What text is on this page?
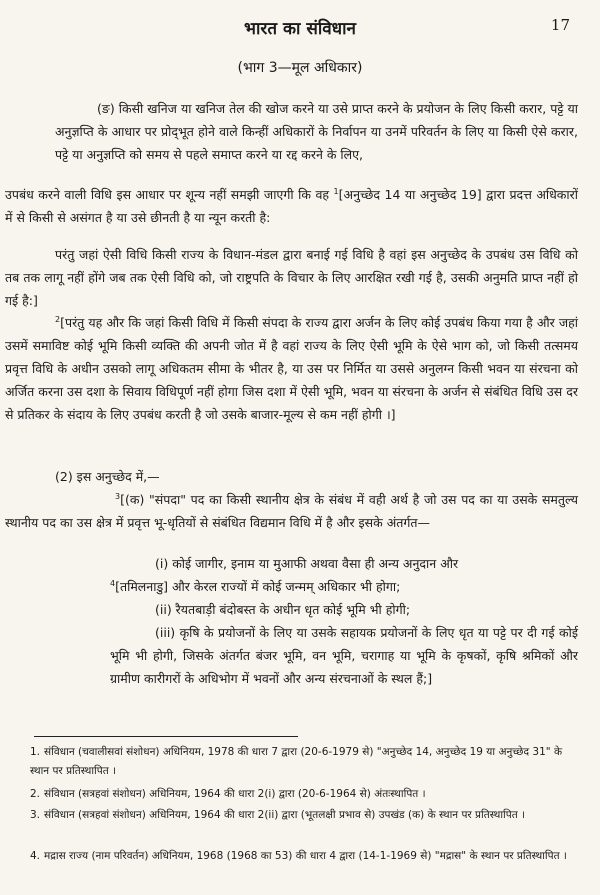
17
भारत का संविधान
(भाग 3—मूल अधिकार)

(ङ) किसी खनिज या खनिज तेल की खोज करने या उसे प्राप्त करने के प्रयोजन के लिए किसी करार, पट्टे या अनुज्ञप्ति के आधार पर प्रोद्‌भूत होने वाले किन्हीं अधिकारों के निर्वापन या उनमें परिवर्तन के लिए या किसी ऐसे करार, पट्टे या अनुज्ञप्ति को समय से पहले समाप्त करने या रद्द करने के लिए,

उपबंध करने वाली विधि इस आधार पर शून्य नहीं समझी जाएगी कि वह $^1$[अनुच्छेद 14 या अनुच्छेद 19] द्वारा प्रदत्त अधिकारों में से किसी से असंगत है या उसे छीनती है या न्यून करती है:

परंतु जहां ऐसी विधि किसी राज्य के विधान-मंडल द्वारा बनाई गई विधि है वहां इस अनुच्छेद के उपबंध उस विधि को तब तक लागू नहीं होंगे जब तक ऐसी विधि को, जो राष्ट्रपति के विचार के लिए आरक्षित रखी गई है, उसकी अनुमति प्राप्त नहीं हो गई है:]

$^2$[परंतु यह और कि जहां किसी विधि में किसी संपदा के राज्य द्वारा अर्जन के लिए कोई उपबंध किया गया है और जहां उसमें समाविष्ट कोई भूमि किसी व्यक्ति की अपनी जोत में है वहां राज्य के लिए ऐसी भूमि के ऐसे भाग को, जो किसी तत्समय प्रवृत्त विधि के अधीन उसको लागू अधिकतम सीमा के भीतर है, या उस पर निर्मित या उससे अनुलग्न किसी भवन या संरचना को अर्जित करना उस दशा के सिवाय विधिपूर्ण नहीं होगा जिस दशा में ऐसी भूमि, भवन या संरचना के अर्जन से संबंधित विधि उस दर से प्रतिकर के संदाय के लिए उपबंध करती है जो उसके बाजार-मूल्य से कम नहीं होगी ।]

(2) इस अनुच्छेद में,—

$^3$[(क) "संपदा" पद का किसी स्थानीय क्षेत्र के संबंध में वही अर्थ है जो उस पद का या उसके समतुल्य स्थानीय पद का उस क्षेत्र में प्रवृत्त भू-धृतियों से संबंधित विद्यमान विधि में है और इसके अंतर्गत—

(i) कोई जागीर, इनाम या मुआफी अथवा वैसा ही अन्य अनुदान और

$^4$[तमिलनाडु] और केरल राज्यों में कोई जन्मम्‌ अधिकार भी होगा;

(ii) रैयतबाड़ी बंदोबस्त के अधीन धृत कोई भूमि भी होगी;

(iii) कृषि के प्रयोजनों के लिए या उसके सहायक प्रयोजनों के लिए धृत या पट्टे पर दी गई कोई भूमि भी होगी, जिसके अंतर्गत बंजर भूमि, वन भूमि, चरागाह या भूमि के कृषकों, कृषि श्रमिकों और ग्रामीण कारीगरों के अधिभोग में भवनों और अन्य संरचनाओं के स्थल हैं;]

1. संविधान (चवालीसवां संशोधन) अधिनियम, 1978 की धारा 7 द्वारा (20-6-1979 से) "अनुच्छेद 14, अनुच्छेद 19 या अनुच्छेद 31" के स्थान पर प्रतिस्थापित ।

2. संविधान (सत्रहवां संशोधन) अधिनियम, 1964 की धारा 2(i) द्वारा (20-6-1964 से) अंतःस्थापित ।

3. संविधान (सत्रहवां संशोधन) अधिनियम, 1964 की धारा 2(ii) द्वारा (भूतलक्षी प्रभाव से) उपखंड (क) के स्थान पर प्रतिस्थापित ।

4. मद्रास राज्य (नाम परिवर्तन) अधिनियम, 1968 (1968 का 53) की धारा 4 द्वारा (14-1-1969 से) "मद्रास" के स्थान पर प्रतिस्थापित ।
